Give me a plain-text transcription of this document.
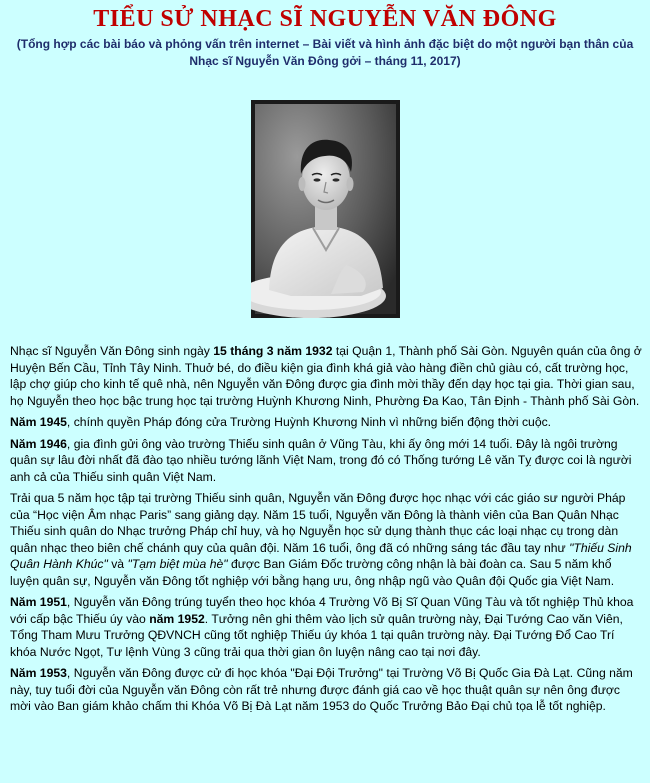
TIỂU SỬ NHẠC SĨ NGUYỄN VĂN ĐÔNG
(Tổng hợp các bài báo và phỏng vấn trên internet – Bài viết và hình ảnh đặc biệt do một người bạn thân của
Nhạc sĩ Nguyễn Văn Đông gởi – tháng 11, 2017)

Nhạc sĩ Nguyễn Văn Đông sinh ngày 15 tháng 3 năm 1932 tại Quận 1, Thành phố Sài Gòn. Nguyên quán của ông ở Huyện Bến Cầu, Tỉnh Tây Ninh. Thuở bé, do điều kiện gia đình khá giả vào hàng điền chủ giàu có, cất trường học, lập chợ giúp cho kinh tế quê nhà, nên Nguyễn văn Đông được gia đình mời thầy đến dạy học tại gia. Thời gian sau, họ Nguyễn theo học bậc trung học tại trường Huỳnh Khương Ninh, Phường Đa Kao, Tân Định - Thành phố Sài Gòn.

Năm 1945, chính quyền Pháp đóng cửa Trường Huỳnh Khương Ninh vì những biến động thời cuộc.

Năm 1946, gia đình gửi ông vào trường Thiếu sinh quân ở Vũng Tàu, khi ấy ông mới 14 tuổi. Đây là ngôi trường quân sự lâu đời nhất đã đào tạo nhiều tướng lãnh Việt Nam, trong đó có Thống tướng Lê văn Tỵ được coi là người anh cả của Thiếu sinh quân Việt Nam.

Trải qua 5 năm học tập tại trường Thiếu sinh quân, Nguyễn văn Đông được học nhạc với các giáo sư người Pháp của “Học viện Âm nhạc Paris” sang giảng dạy. Năm 15 tuổi, Nguyễn văn Đông là thành viên của Ban Quân Nhạc Thiếu sinh quân do Nhạc trưởng Pháp chỉ huy, và họ Nguyễn học sử dụng thành thục các loại nhạc cụ trong dàn quân nhạc theo biên chế chánh quy của quân đội. Năm 16 tuổi, ông đã có những sáng tác đầu tay như "Thiếu Sinh Quân Hành Khúc" và "Tạm biệt mùa hè" được Ban Giám Đốc trường công nhận là bài đoàn ca. Sau 5 năm khổ luyện quân sự, Nguyễn văn Đông tốt nghiệp với bằng hạng ưu, ông nhập ngũ vào Quân đội Quốc gia Việt Nam.

Năm 1951, Nguyễn văn Đông trúng tuyển theo học khóa 4 Trường Võ Bị Sĩ Quan Vũng Tàu và tốt nghiệp Thủ khoa với cấp bậc Thiếu úy vào năm 1952. Tưởng nên ghi thêm vào lịch sử quân trường này, Đại Tướng Cao văn Viên, Tổng Tham Mưu Trưởng QĐVNCH cũng tốt nghiệp Thiếu úy khóa 1 tại quân trường này. Đại Tướng Đổ Cao Trí khóa Nước Ngọt, Tư lệnh Vùng 3 cũng trải qua thời gian ôn luyện nâng cao tại nơi đây.

Năm 1953, Nguyễn văn Đông được cử đi học khóa "Đại Đội Trưởng" tại Trường Võ Bị Quốc Gia Đà Lạt. Cũng năm này, tuy tuổi đời của Nguyễn văn Đông còn rất trẻ nhưng được đánh giá cao về học thuật quân sự nên ông được mời vào Ban giám khảo chấm thi Khóa Võ Bị Đà Lạt năm 1953 do Quốc Trưởng Bảo Đại chủ tọa lễ tốt nghiệp.
